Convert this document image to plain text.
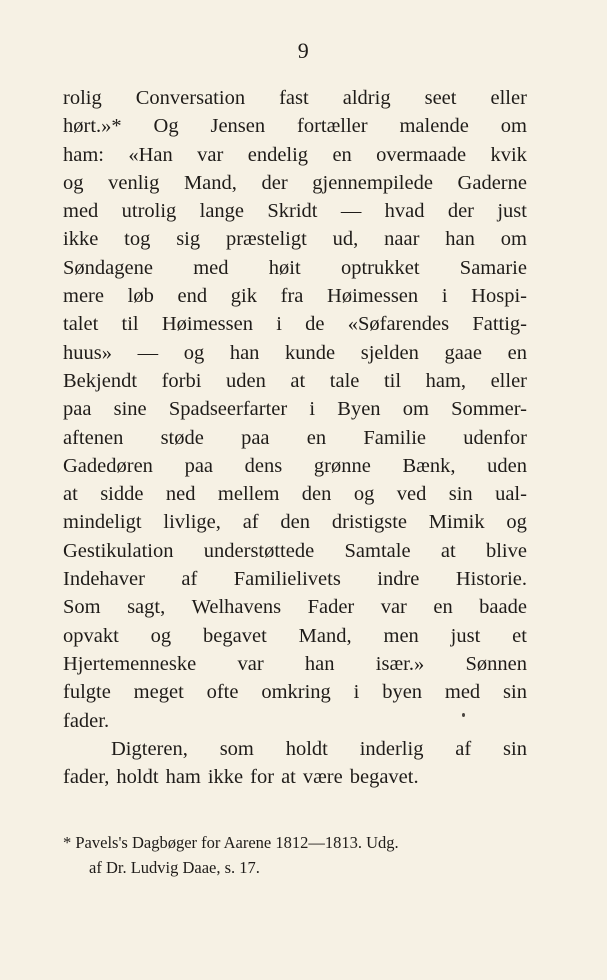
9
rolig Conversation fast aldrig seet eller
hørt.»* Og Jensen fortæller malende om
ham: «Han var endelig en overmaade kvik
og venlig Mand, der gjennempilede Gaderne
med utrolig lange Skridt — hvad der just
ikke tog sig præsteligt ud, naar han om
Søndagene med høit optrukket Samarie
mere løb end gik fra Høimessen i Hospi-
talet til Høimessen i de «Søfarendes Fattig-
huus» — og han kunde sjelden gaae en
Bekjendt forbi uden at tale til ham, eller
paa sine Spadseerfarter i Byen om Sommer-
aftenen støde paa en Familie udenfor
Gadedøren paa dens grønne Bænk, uden
at sidde ned mellem den og ved sin ual-
mindeligt livlige, af den dristigste Mimik og
Gestikulation understøttede Samtale at blive
Indehaver af Familielivets indre Historie.
Som sagt, Welhavens Fader var en baade
opvakt og begavet Mand, men just et
Hjertemenneske var han især.» Sønnen
fulgte meget ofte omkring i byen med sin
fader.
Digteren, som holdt inderlig af sin
fader, holdt ham ikke for at være begavet.
* Pavels's Dagbøger for Aarene 1812—1813. Udg.
af Dr. Ludvig Daae, s. 17.
